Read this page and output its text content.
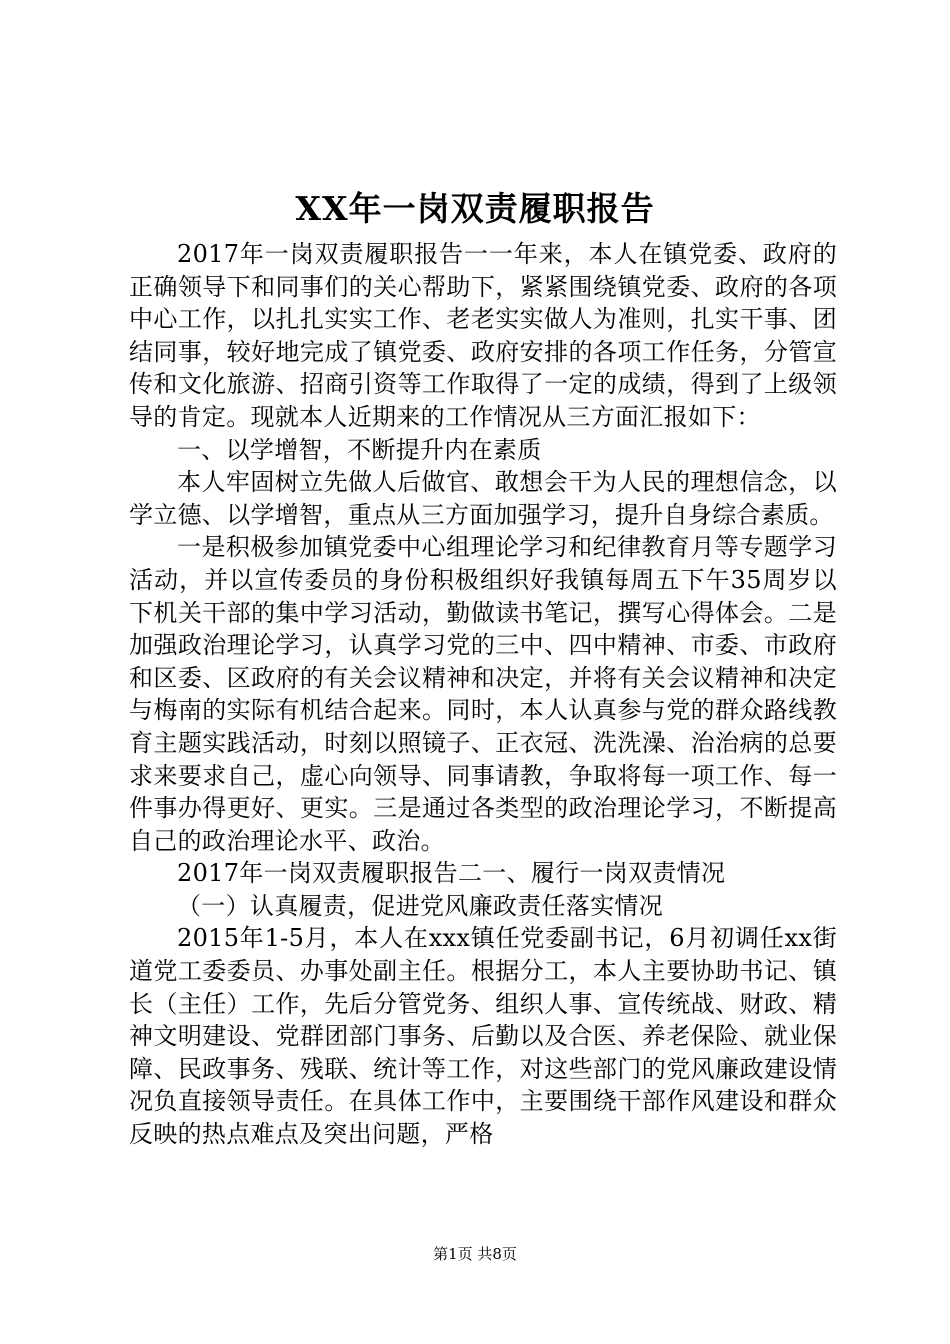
XX年一岗双责履职报告

2017年一岗双责履职报告一一年来，本人在镇党委、政府的正确领导下和同事们的关心帮助下，紧紧围绕镇党委、政府的各项中心工作，以扎扎实实工作、老老实实做人为准则，扎实干事、团结同事，较好地完成了镇党委、政府安排的各项工作任务，分管宣传和文化旅游、招商引资等工作取得了一定的成绩，得到了上级领导的肯定。现就本人近期来的工作情况从三方面汇报如下：

一、以学增智，不断提升内在素质

本人牢固树立先做人后做官、敢想会干为人民的理想信念，以学立德、以学增智，重点从三方面加强学习，提升自身综合素质。

一是积极参加镇党委中心组理论学习和纪律教育月等专题学习活动，并以宣传委员的身份积极组织好我镇每周五下午35周岁以下机关干部的集中学习活动，勤做读书笔记，撰写心得体会。二是加强政治理论学习，认真学习党的三中、四中精神、市委、市政府和区委、区政府的有关会议精神和决定，并将有关会议精神和决定与梅南的实际有机结合起来。同时，本人认真参与党的群众路线教育主题实践活动，时刻以照镜子、正衣冠、洗洗澡、治治病的总要求来要求自己，虚心向领导、同事请教，争取将每一项工作、每一件事办得更好、更实。三是通过各类型的政治理论学习，不断提高自己的政治理论水平、政治。

2017年一岗双责履职报告二一、履行一岗双责情况

（一）认真履责，促进党风廉政责任落实情况

2015年1-5月，本人在xxx镇任党委副书记，6月初调任xx街道党工委委员、办事处副主任。根据分工，本人主要协助书记、镇长（主任）工作，先后分管党务、组织人事、宣传统战、财政、精神文明建设、党群团部门事务、后勤以及合医、养老保险、就业保障、民政事务、残联、统计等工作，对这些部门的党风廉政建设情况负直接领导责任。在具体工作中，主要围绕干部作风建设和群众反映的热点难点及突出问题，严格

第1页 共8页
